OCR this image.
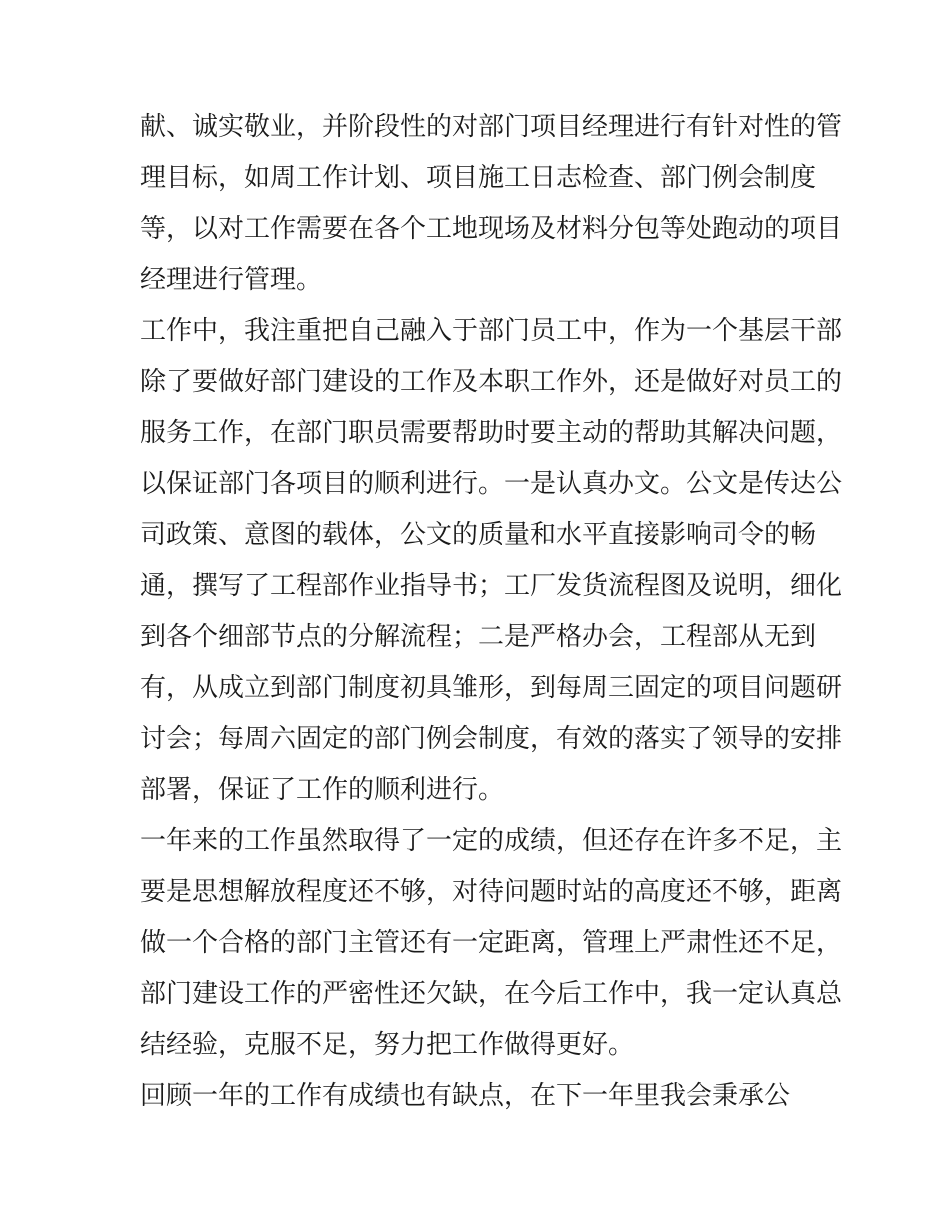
献、诚实敬业，并阶段性的对部门项目经理进行有针对性的管
理目标，如周工作计划、项目施工日志检查、部门例会制度
等，以对工作需要在各个工地现场及材料分包等处跑动的项目
经理进行管理。
工作中，我注重把自己融入于部门员工中，作为一个基层干部
除了要做好部门建设的工作及本职工作外，还是做好对员工的
服务工作，在部门职员需要帮助时要主动的帮助其解决问题，
以保证部门各项目的顺利进行。一是认真办文。公文是传达公
司政策、意图的载体，公文的质量和水平直接影响司令的畅
通，撰写了工程部作业指导书；工厂发货流程图及说明，细化
到各个细部节点的分解流程；二是严格办会，工程部从无到
有，从成立到部门制度初具雏形，到每周三固定的项目问题研
讨会；每周六固定的部门例会制度，有效的落实了领导的安排
部署，保证了工作的顺利进行。
一年来的工作虽然取得了一定的成绩，但还存在许多不足，主
要是思想解放程度还不够，对待问题时站的高度还不够，距离
做一个合格的部门主管还有一定距离，管理上严肃性还不足，
部门建设工作的严密性还欠缺，在今后工作中，我一定认真总
结经验，克服不足，努力把工作做得更好。
回顾一年的工作有成绩也有缺点，在下一年里我会秉承公
